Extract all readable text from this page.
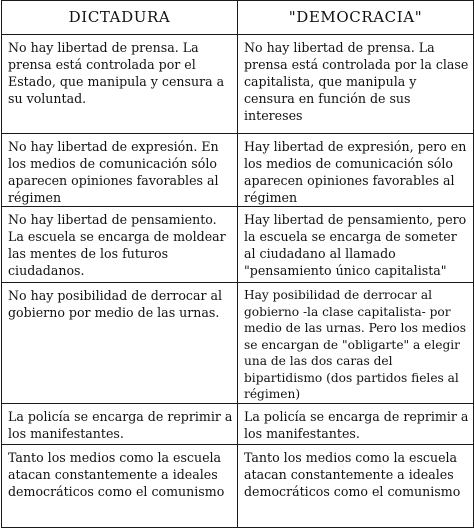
DICTADURA	"DEMOCRACIA"

No hay libertad de prensa. La prensa está controlada por el Estado, que manipula y censura a su voluntad.	No hay libertad de prensa. La prensa está controlada por la clase capitalista, que manipula y censura en función de sus intereses

No hay libertad de expresión. En los medios de comunicación sólo aparecen opiniones favorables al régimen	Hay libertad de expresión, pero en los medios de comunicación sólo aparecen opiniones favorables al régimen

No hay libertad de pensamiento. La escuela se encarga de moldear las mentes de los futuros ciudadanos.	Hay libertad de pensamiento, pero la escuela se encarga de someter al ciudadano al llamado "pensamiento único capitalista"

No hay posibilidad de derrocar al gobierno por medio de las urnas.	Hay posibilidad de derrocar al gobierno -la clase capitalista- por medio de las urnas. Pero los medios se encargan de "obligarte" a elegir una de las dos caras del bipartidismo (dos partidos fieles al régimen)

La policía se encarga de reprimir a los manifestantes.	La policía se encarga de reprimir a los manifestantes.

Tanto los medios como la escuela atacan constantemente a ideales democráticos como el comunismo	Tanto los medios como la escuela atacan constantemente a ideales democráticos como el comunismo
